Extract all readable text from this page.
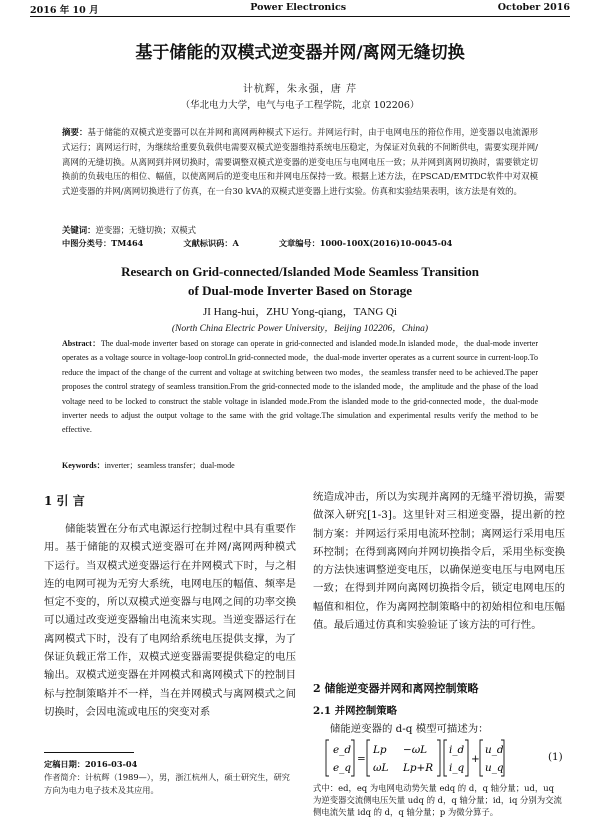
2016 年 10 月	Power Electronics	October 2016
基于储能的双模式逆变器并网/离网无缝切换
计杭辉，朱永强，唐 芹
（华北电力大学，电气与电子工程学院，北京 102206）
摘要：基于储能的双模式逆变器可以在并网和离网两种模式下运行。并网运行时，由于电网电压的箝位作用，逆变器以电流源形式运行；离网运行时，为继续给重要负载供电需要双模式逆变器维持系统电压稳定，为保证对负载的不间断供电，需要实现并网/离网的无缝切换。从离网到并网切换时，需要调整双模式逆变器的逆变电压与电网电压一致；从并网到离网切换时，需要锁定切换前的负载电压的相位、幅值，以使离网后的逆变电压和并网电压保持一致。根据上述方法，在PSCAD/EMTDC软件中对双模式逆变器的并网/离网切换进行了仿真，在一台30 kVA的双模式逆变器上进行实验。仿真和实验结果表明，该方法是有效的。
关键词：逆变器；无缝切换；双模式
中图分类号：TM464	文献标识码：A	文章编号：1000-100X(2016)10-0045-04
Research on Grid-connected/Islanded Mode Seamless Transition
of Dual-mode Inverter Based on Storage
JI Hang-hui，ZHU Yong-qiang，TANG Qi
(North China Electric Power University，Beijing 102206，China)
Abstract：The dual-mode inverter based on storage can operate in grid-connected and islanded mode.In islanded mode，the dual-mode inverter operates as a voltage source in voltage-loop control.In grid-connected mode，the dual-mode inverter operates as a current source in current-loop.To reduce the impact of the change of the current and voltage at switching between two modes，the seamless transfer need to be achieved.The paper proposes the control strategy of seamless transition.From the grid-connected mode to the islanded mode，the amplitude and the phase of the load voltage need to be locked to construct the stable voltage in islanded mode.From the islanded mode to the grid-connected mode，the dual-mode inverter needs to adjust the output voltage to the same with the grid voltage.The simulation and experimental results verify the method to be effective.
Keywords：inverter；seamless transfer；dual-mode
1 引 言
储能装置在分布式电源运行控制过程中具有重要作用。基于储能的双模式逆变器可在并网/离网两种模式下运行。当双模式逆变器运行在并网模式下时，与之相连的电网可视为无穷大系统，电网电压的幅值、频率是恒定不变的，所以双模式逆变器与电网之间的功率交换可以通过改变逆变器输出电流来实现。当逆变器运行在离网模式下时，没有了电网给系统电压提供支撑，为了保证负载正常工作，双模式逆变器需要提供稳定的电压输出。双模式逆变器在并网模式和离网模式下的控制目标与控制策略并不一样，当在并网模式与离网模式之间切换时，会因电流或电压的突变对系
统造成冲击，所以为实现并离网的无缝平滑切换，需要做深入研究[1-3]。这里针对三相逆变器，提出新的控制方案：并网运行采用电流环控制；离网运行采用电压环控制；在得到离网向并网切换指令后，采用坐标变换的方法快速调整逆变电压，以确保逆变电压与电网电压一致；在得到并网向离网切换指令后，锁定电网电压的幅值和相位，作为离网控制策略中的初始相位和电压幅值。最后通过仿真和实验验证了该方法的可行性。
2 储能逆变器并网和离网控制策略
2.1 并网控制策略
储能逆变器的 d-q 模型可描述为：
e_d
e_q
=
Lp −ωL
ωL Lp+R
i_d
i_q
+
u_d
u_q
(1)
式中：ed，eq 为电网电动势矢量 edq 的 d，q 轴分量；ud，uq 为逆变器交流侧电压矢量 udq 的 d，q 轴分量；id，iq 分别为交流侧电流矢量 idq 的 d，q 轴分量；p 为微分算子。
定稿日期：2016-03-04
作者简介：计杭辉（1989—），男，浙江杭州人，硕士研究生，研究方向为电力电子技术及其应用。
